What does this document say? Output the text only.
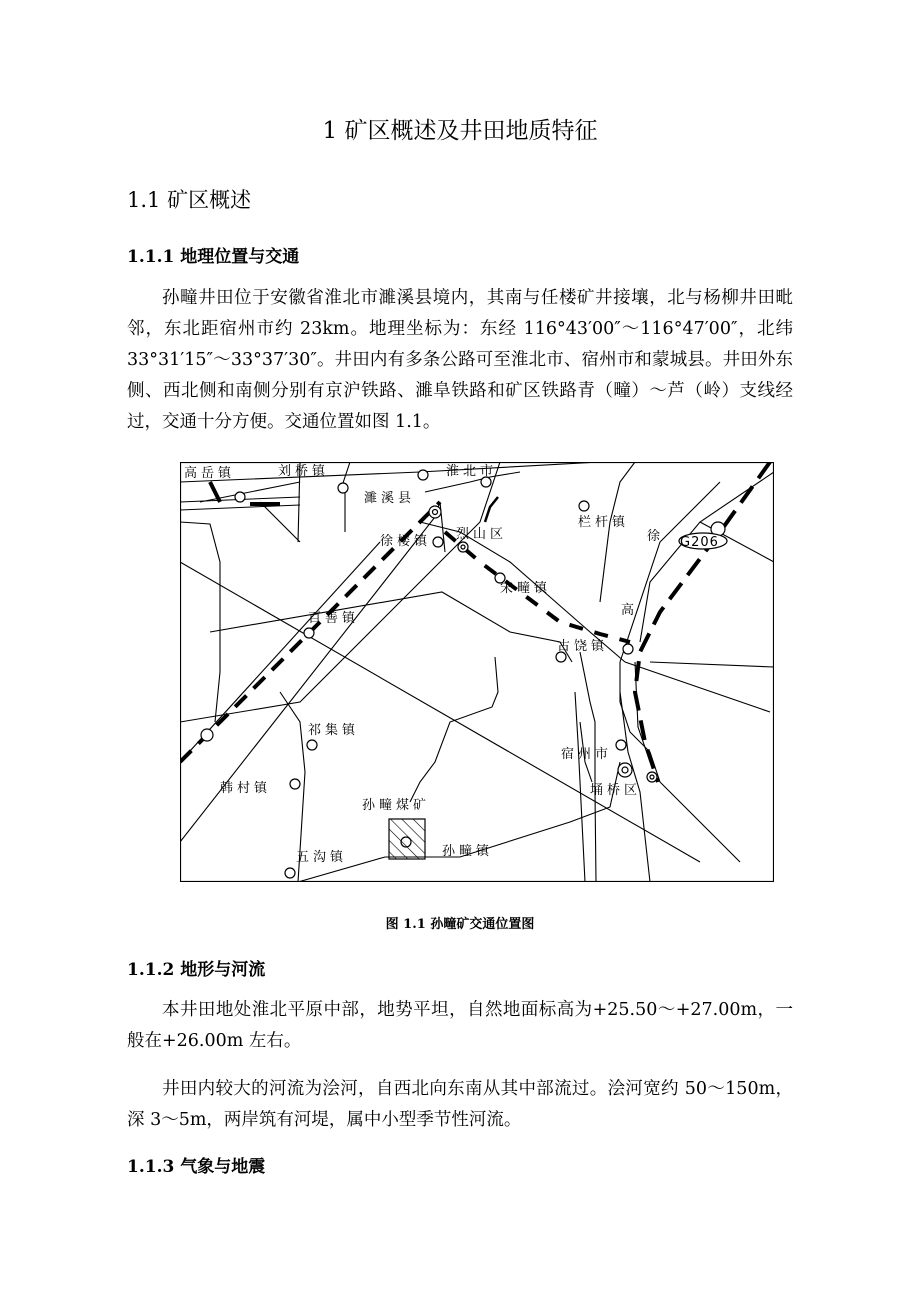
1 矿区概述及井田地质特征
1.1 矿区概述
1.1.1 地理位置与交通
孙疃井田位于安徽省淮北市濉溪县境内，其南与任楼矿井接壤，北与杨柳井田毗邻，东北距宿州市约 23km。地理坐标为：东经 116°43′00″～116°47′00″，北纬 33°31′15″～33°37′30″。井田内有多条公路可至淮北市、宿州市和蒙城县。井田外东侧、西北侧和南侧分别有京沪铁路、濉阜铁路和矿区铁路青（疃）～芦（岭）支线经过，交通十分方便。交通位置如图 1.1。
高岳镇	刘桥镇	淮北市
濉溪县
栏杆镇
徐 G206
徐楼镇 烈山区
宋疃镇
百善镇
高
古饶镇
祁集镇
宿州市
韩村镇	埇桥区
孙疃煤矿
五沟镇	孙疃镇
图 1.1 孙疃矿交通位置图
1.1.2 地形与河流
本井田地处淮北平原中部，地势平坦，自然地面标高为+25.50～+27.00m，一般在+26.00m 左右。
井田内较大的河流为浍河，自西北向东南从其中部流过。浍河宽约 50～150m，深 3～5m，两岸筑有河堤，属中小型季节性河流。
1.1.3 气象与地震
